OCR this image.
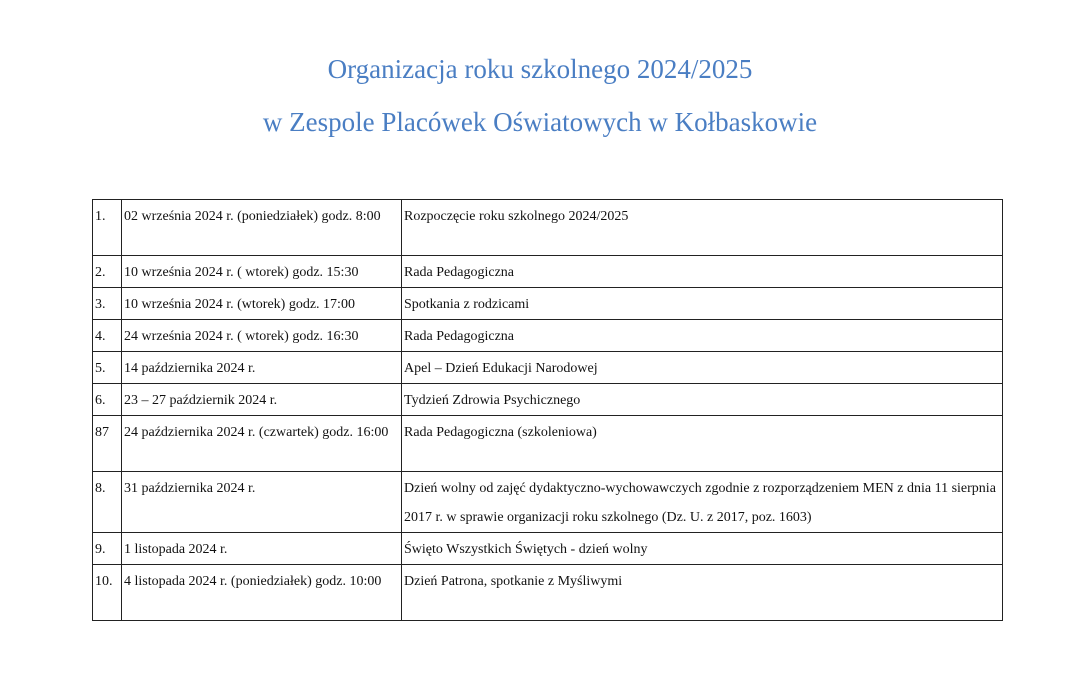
Organizacja roku szkolnego 2024/2025
w Zespole Placówek Oświatowych w Kołbaskowie
1.	02 września 2024 r. (poniedziałek) godz. 8:00	Rozpoczęcie roku szkolnego 2024/2025
2.	10 września 2024 r. ( wtorek) godz. 15:30	Rada Pedagogiczna
3.	10 września 2024 r. (wtorek) godz. 17:00	Spotkania z rodzicami
4.	24 września 2024 r. ( wtorek) godz. 16:30	Rada Pedagogiczna
5.	14 października 2024 r.	Apel – Dzień Edukacji Narodowej
6.	23 – 27 październik 2024 r.	Tydzień Zdrowia Psychicznego
87	24 października 2024 r. (czwartek) godz. 16:00	Rada Pedagogiczna (szkoleniowa)
8.	31 października 2024 r.	Dzień wolny od zajęć dydaktyczno-wychowawczych zgodnie z rozporządzeniem MEN z dnia 11 sierpnia 2017 r. w sprawie organizacji roku szkolnego (Dz. U. z 2017, poz. 1603)
9.	1 listopada 2024 r.	Święto Wszystkich Świętych - dzień wolny
10.	4 listopada 2024 r. (poniedziałek) godz. 10:00	Dzień Patrona, spotkanie z Myśliwymi
